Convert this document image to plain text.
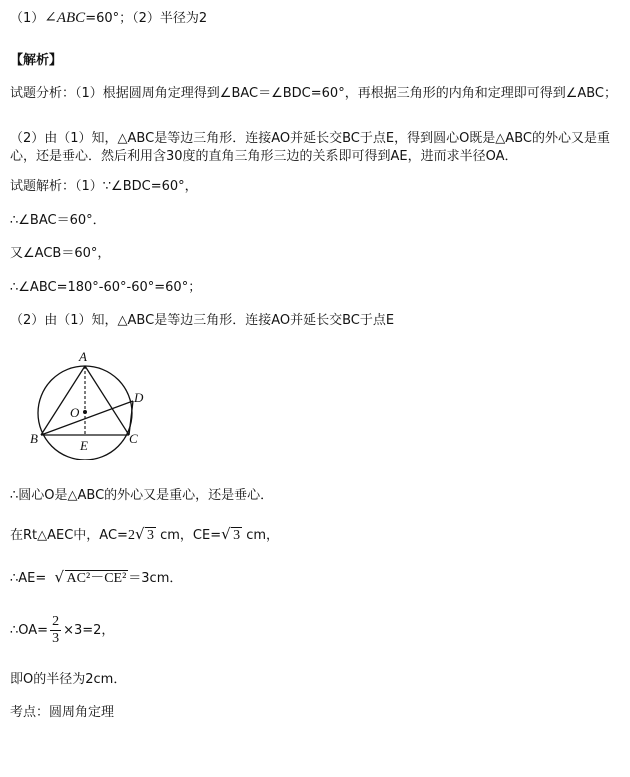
（1）∠ABC=60°；（2）半径为2
【解析】
试题分析：（1）根据圆周角定理得到∠BAC＝∠BDC=60°，再根据三角形的内角和定理即可得到∠ABC；
（2）由（1）知，△ABC是等边三角形．连接AO并延长交BC于点E，得到圆心O既是△ABC的外心又是重心，还是垂心．然后利用含30度的直角三角形三边的关系即可得到AE，进而求半径OA．
试题解析：（1）∵∠BDC=60°，
∴∠BAC＝60°．
又∠ACB＝60°，
∴∠ABC=180°-60°-60°=60°；
（2）由（1）知，△ABC是等边三角形．连接AO并延长交BC于点E
A
B	C
D
E
O
∴圆心O是△ABC的外心又是重心，还是垂心．
在Rt△AEC中，AC=2 √ 3 cm，CE= √ 3 cm，
∴AE= √ AC²－CE² ＝3cm．
∴OA= $\frac{2}{3} \times 3=2$，
即O的半径为2cm．
考点：圆周角定理
